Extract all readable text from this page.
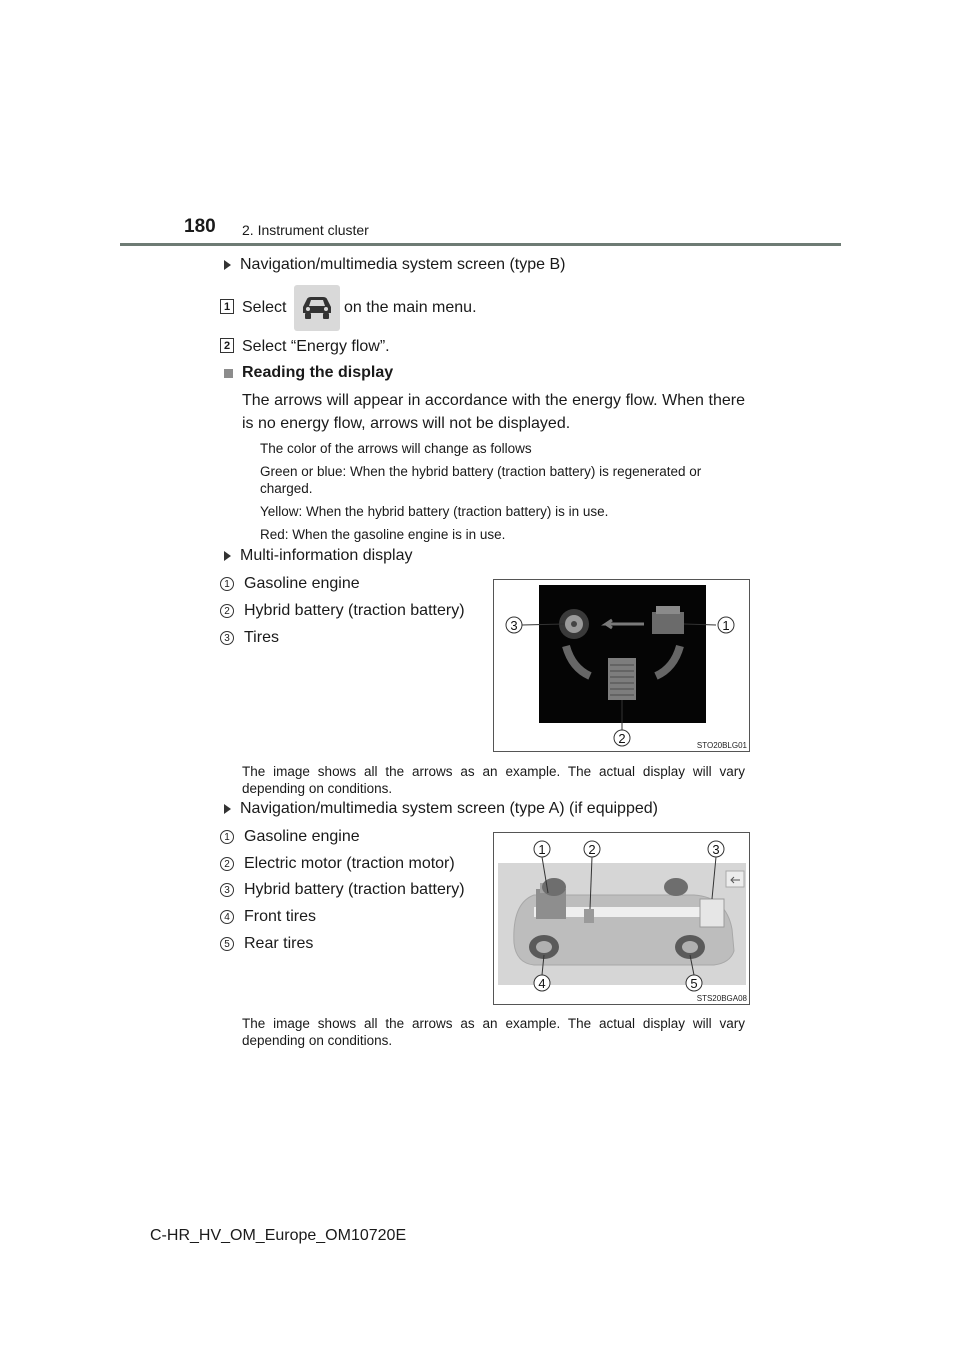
180 2. Instrument cluster
Navigation/multimedia system screen (type B)
1 Select	on the main menu.
2 Select “Energy flow”.
Reading the display
The arrows will appear in accordance with the energy flow. When there is no energy flow, arrows will not be displayed.
The color of the arrows will change as follows
Green or blue: When the hybrid battery (traction battery) is regenerated or charged.
Yellow: When the hybrid battery (traction battery) is in use.
Red: When the gasoline engine is in use.
Multi-information display
1 Gasoline engine
2 Hybrid battery (traction battery)
3 Tires
3	1
2	STO20BLG01
The image shows all the arrows as an example. The actual display will vary depending on conditions.
Navigation/multimedia system screen (type A) (if equipped)
1 Gasoline engine
2 Electric motor (traction motor)
3 Hybrid battery (traction battery)
4 Front tires
5 Rear tires
1	2	3
4	5
STS20BGA08
The image shows all the arrows as an example. The actual display will vary depending on conditions.
C-HR_HV_OM_Europe_OM10720E
